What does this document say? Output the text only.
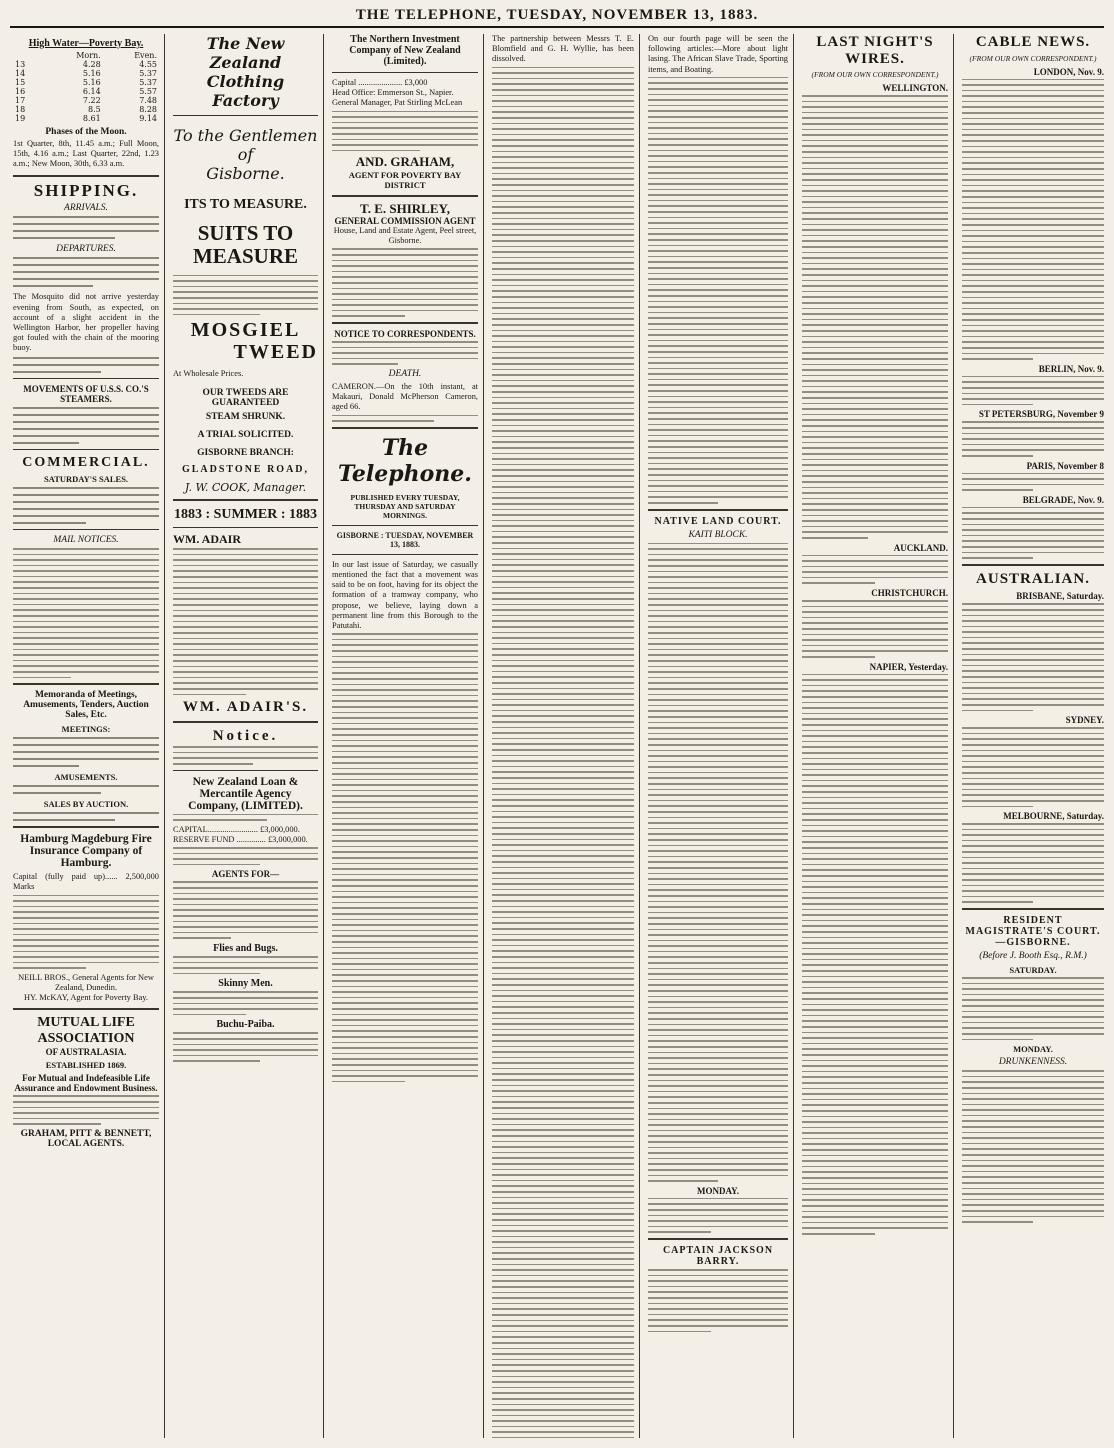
THE TELEPHONE, TUESDAY, NOVEMBER 13, 1883.
High Water—Poverty Bay.
	Morn.	Even.
13	4.28	4.55
14	5.16	5.37
15	5.16	5.37
16	6.14	5.57
17	7.22	7.48
18	8.5	8.28
19	8.61	9.14
Phases of the Moon.
1st Quarter, 8th, 11.45 a.m.; Full Moon, 15th, 4.16 a.m.; Last Quarter, 22nd, 1.23 a.m.; New Moon, 30th, 6.33 a.m.
SHIPPING.
ARRIVALS.
DEPARTURES.
The Mosquito did not arrive yesterday evening from South, as expected, on account of a slight accident in the Wellington Harbor, her propeller having got fouled with the chain of the mooring buoy.
MOVEMENTS OF U.S.S. CO.'S STEAMERS.
COMMERCIAL.
SATURDAY'S SALES.
MAIL NOTICES.
Memoranda of Meetings, Amusements, Tenders, Auction Sales, Etc.
MEETINGS:
AMUSEMENTS.
SALES BY AUCTION.
Hamburg Magdeburg Fire Insurance Company of Hamburg.
Capital (fully paid up)...... 2,500,000 Marks
NEILL BROS., General Agents for New Zealand, Dunedin.
HY. McKAY, Agent for Poverty Bay.
MUTUAL LIFE ASSOCIATION
OF AUSTRALASIA.
ESTABLISHED 1869.
For Mutual and Indefeasible Life Assurance and Endowment Business.
GRAHAM, PITT & BENNETT, LOCAL AGENTS.
The New Zealand
Clothing Factory
To the Gentlemen of
Gisborne.
ITS TO MEASURE.
SUITS TO MEASURE
MOSGIEL
TWEED
At Wholesale Prices.
OUR TWEEDS ARE GUARANTEED
STEAM SHRUNK.
A TRIAL SOLICITED.
GISBORNE BRANCH:
GLADSTONE ROAD,
J. W. COOK, Manager.
1883 : SUMMER : 1883
WM. ADAIR
WM. ADAIR'S.
Notice.
New Zealand Loan & Mercantile Agency Company, (LIMITED).
CAPITAL........................ £3,000,000.
RESERVE FUND .............. £3,000,000.
AGENTS FOR—
Flies and Bugs.
Skinny Men.
Buchu-Paiba.
The Northern Investment Company of New Zealand (Limited).
Capital ..................... £3,000
Head Office: Emmerson St., Napier.
General Manager, Pat Stirling McLean
AND. GRAHAM,
AGENT FOR POVERTY BAY DISTRICT
T. E. SHIRLEY,
GENERAL COMMISSION AGENT
House, Land and Estate Agent, Peel street, Gisborne.
NOTICE TO CORRESPONDENTS.
DEATH.
CAMERON.—On the 10th instant, at Makauri, Donald McPherson Cameron, aged 66.
The Telephone.
PUBLISHED EVERY TUESDAY, THURSDAY AND SATURDAY MORNINGS.
GISBORNE : TUESDAY, NOVEMBER 13, 1883.
In our last issue of Saturday, we casually mentioned the fact that a movement was said to be on foot, having for its object the formation of a tramway company, who propose, we believe, laying down a permanent line from this Borough to the Patutahi.
The partnership between Messrs T. E. Blomfield and G. H. Wyllie, has been dissolved.
On our fourth page will be seen the following articles:—More about light lasing. The African Slave Trade, Sporting items, and Boating.
NATIVE LAND COURT.
KAITI BLOCK.
MONDAY.
CAPTAIN JACKSON BARRY.
LAST NIGHT'S WIRES.
(FROM OUR OWN CORRESPONDENT.)
WELLINGTON.
AUCKLAND.
CHRISTCHURCH.
NAPIER, Yesterday.
CABLE NEWS.
(FROM OUR OWN CORRESPONDENT.)
LONDON, Nov. 9.
BERLIN, Nov. 9.
ST PETERSBURG, November 9
PARIS, November 8
BELGRADE, Nov. 9.
AUSTRALIAN.
BRISBANE, Saturday.
SYDNEY.
MELBOURNE, Saturday.
RESIDENT MAGISTRATE'S COURT.—GISBORNE.
(Before J. Booth Esq., R.M.)
SATURDAY.
MONDAY.
DRUNKENNESS.
